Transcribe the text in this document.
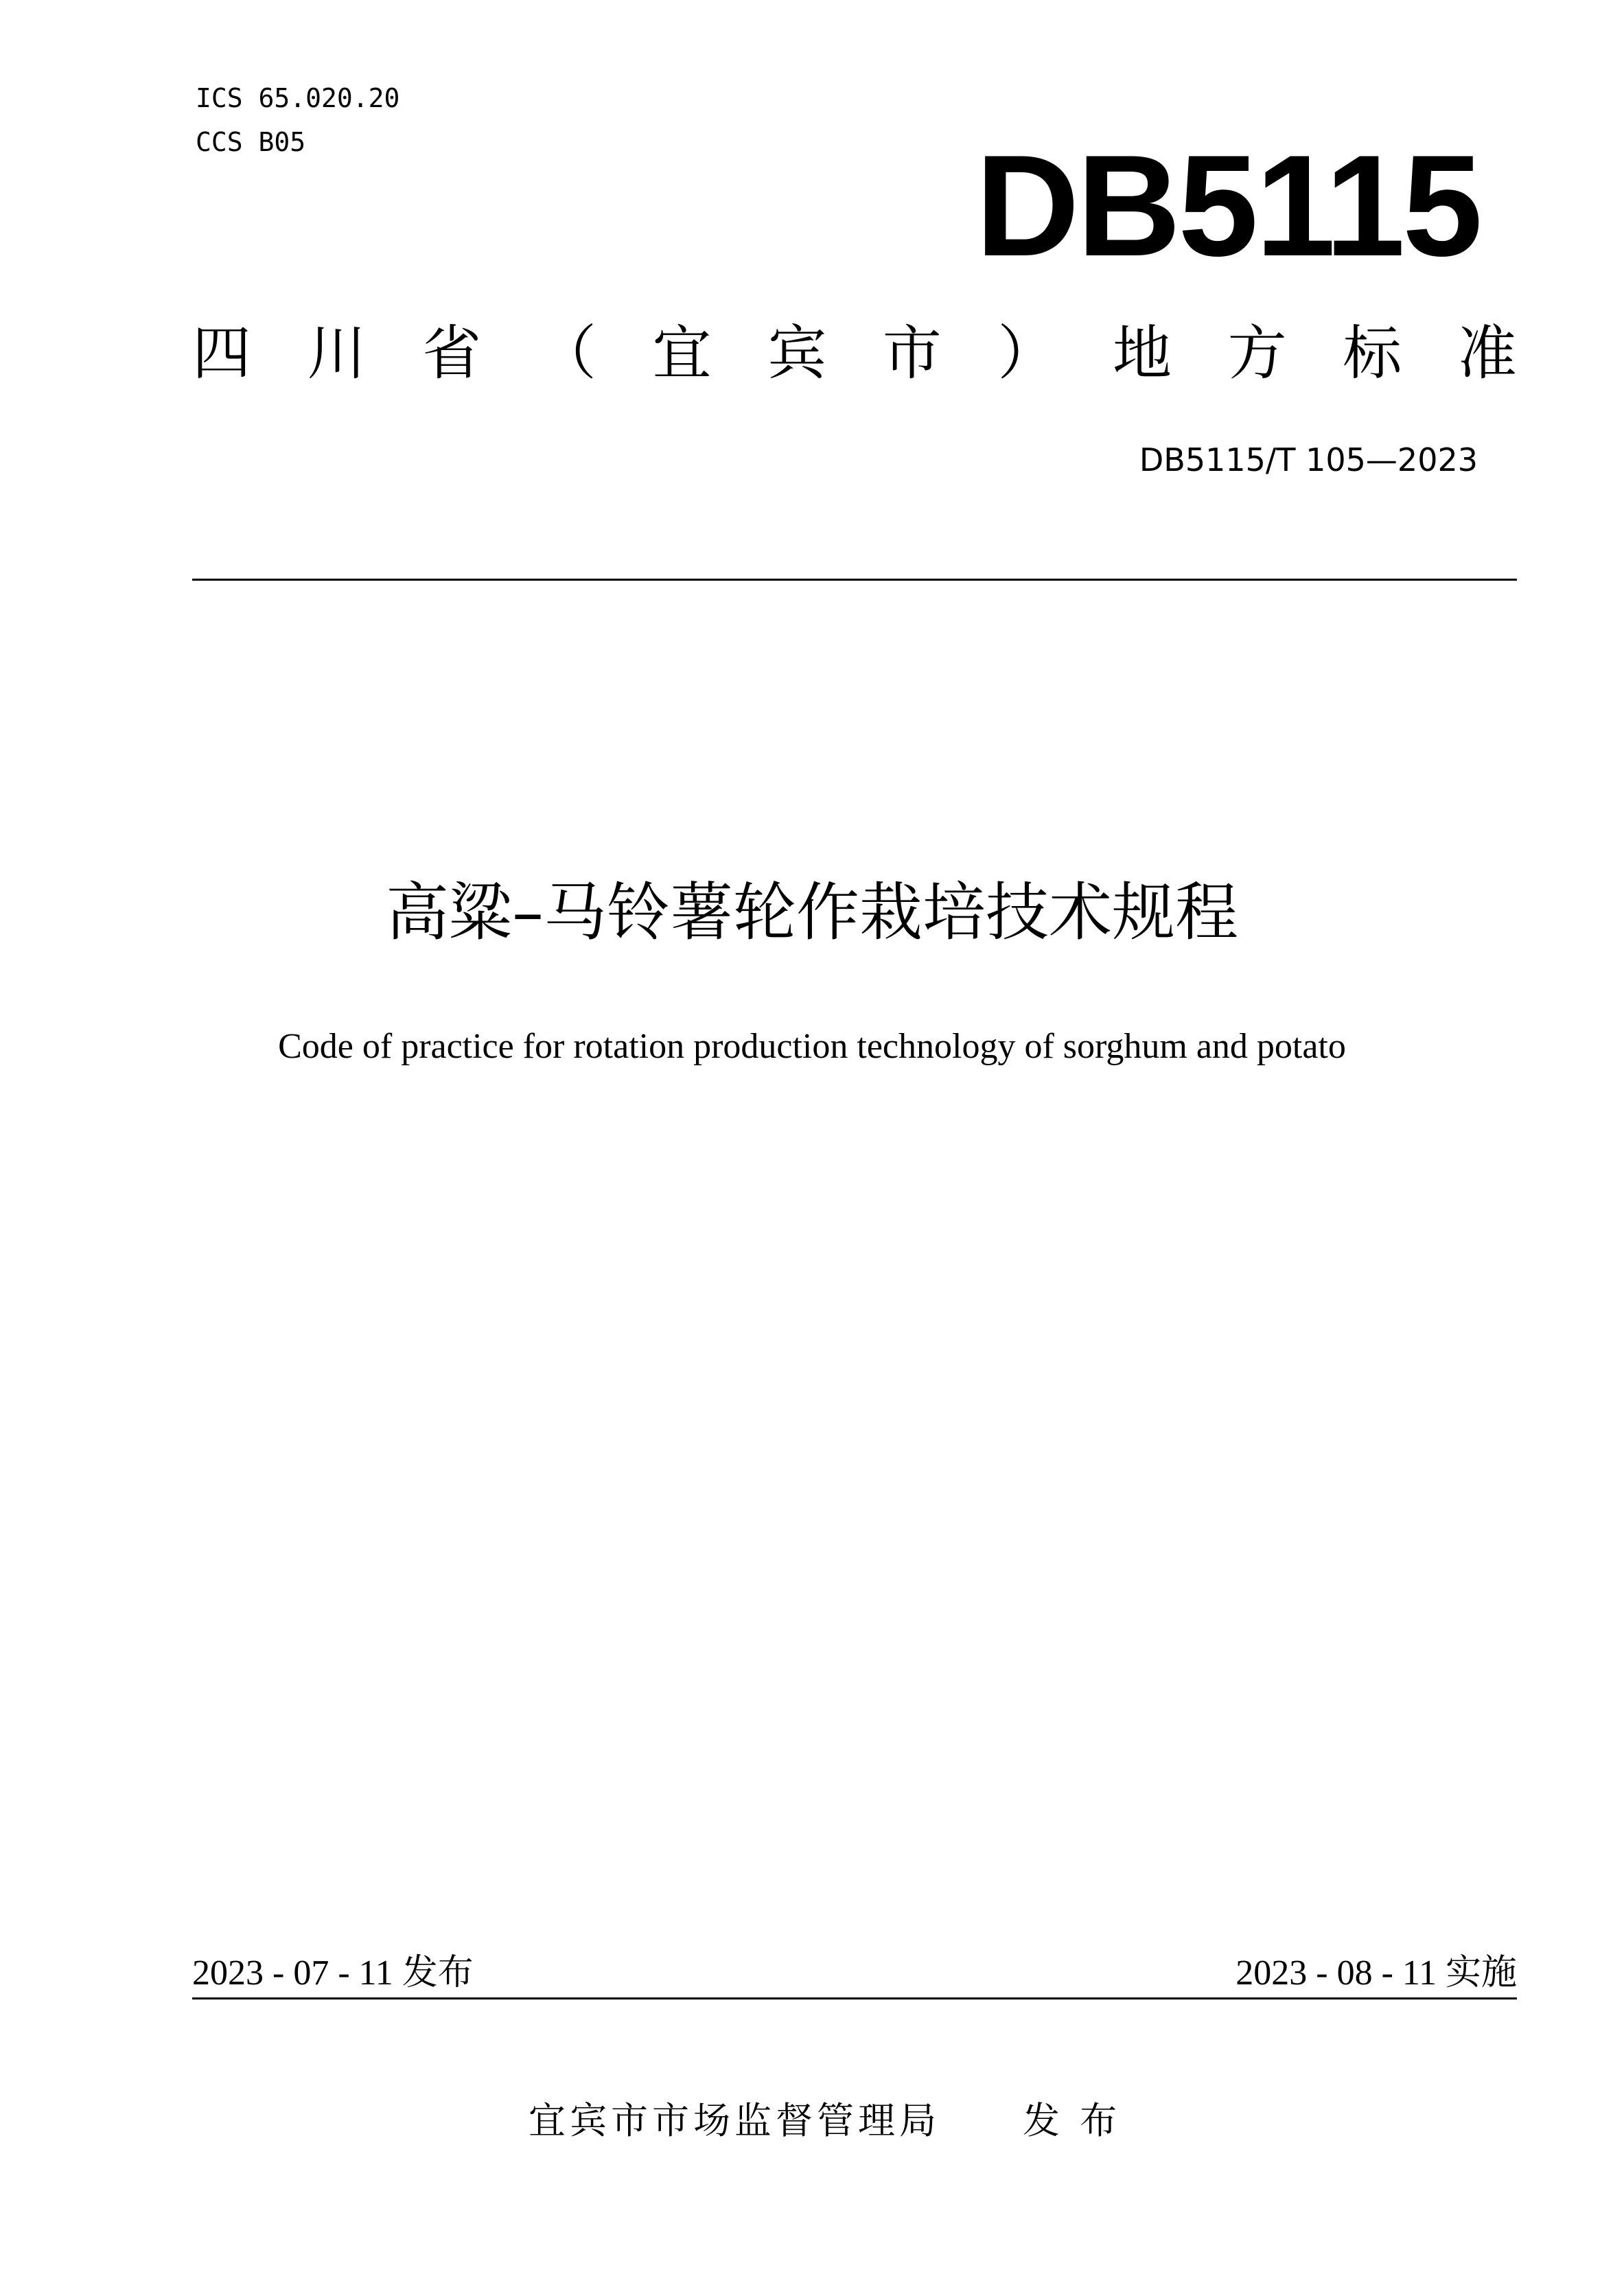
ICS 65.020.20
CCS B05	DB5115
四 川 省 （ 宜 宾 市 ） 地 方 标 准
DB5115/T 105—2023
高粱–马铃薯轮作栽培技术规程
Code of practice for rotation production technology of sorghum and potato
2023 - 07 - 11 发布	2023 - 08 - 11 实施
宜宾市市场监督管理局 发 布
